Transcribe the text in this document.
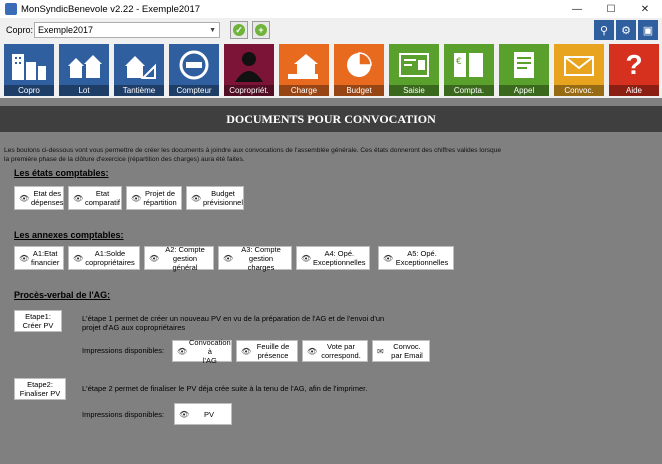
MonSyndicBenevole v2.22 - Exemple2017	—	☐	✕
Copro: Exemple2017	▼ ✓	+	⚲	⚙	▣
Copro	Lot	Tantième	Compteur	Copropriét.	Charge	Budget	Saisie
€
Compta.	Appel	Convoc.
?
Aide
DOCUMENTS POUR CONVOCATION
Les boutons ci-dessous vont vous permettre de créer les documents à joindre aux convocations de l'assemblée générale. Ces états donneront des chiffres valides lorsque
la première phase de la clôture d'exercice (répartition des charges) aura été faites.
Les états comptables:
👁 Etat des
dépenses 👁	Etat
comparatif 👁 Projet de
répartition 👁	Budget
prévisionnel
Les annexes comptables:
👁 A1:Etat
financier 👁	A1:Solde
copropriétaires 👁
A2: Compte
gestion général
👁
A3: Compte
gestion charges
👁	A4: Opé.
Exceptionnelles 👁	A5: Opé.
Exceptionnelles
Procès-verbal de l'AG:
Etape1:
Créer PV
L'étape 1 permet de créer un nouveau PV en vu de la préparation de l'AG et de l'envoi d'un
projet d'AG aux copropriétaires
Impressions disponibles: 👁
Convocation à
l'AG
👁 Feuille de
présence	👁	Vote par
correspond. ✉	Convoc.
par Email
Etape2:
Finaliser PV
L'étape 2 permet de finaliser le PV déja crée suite à la tenu de l'AG, afin de l'imprimer.
Impressions disponibles: 👁	PV
